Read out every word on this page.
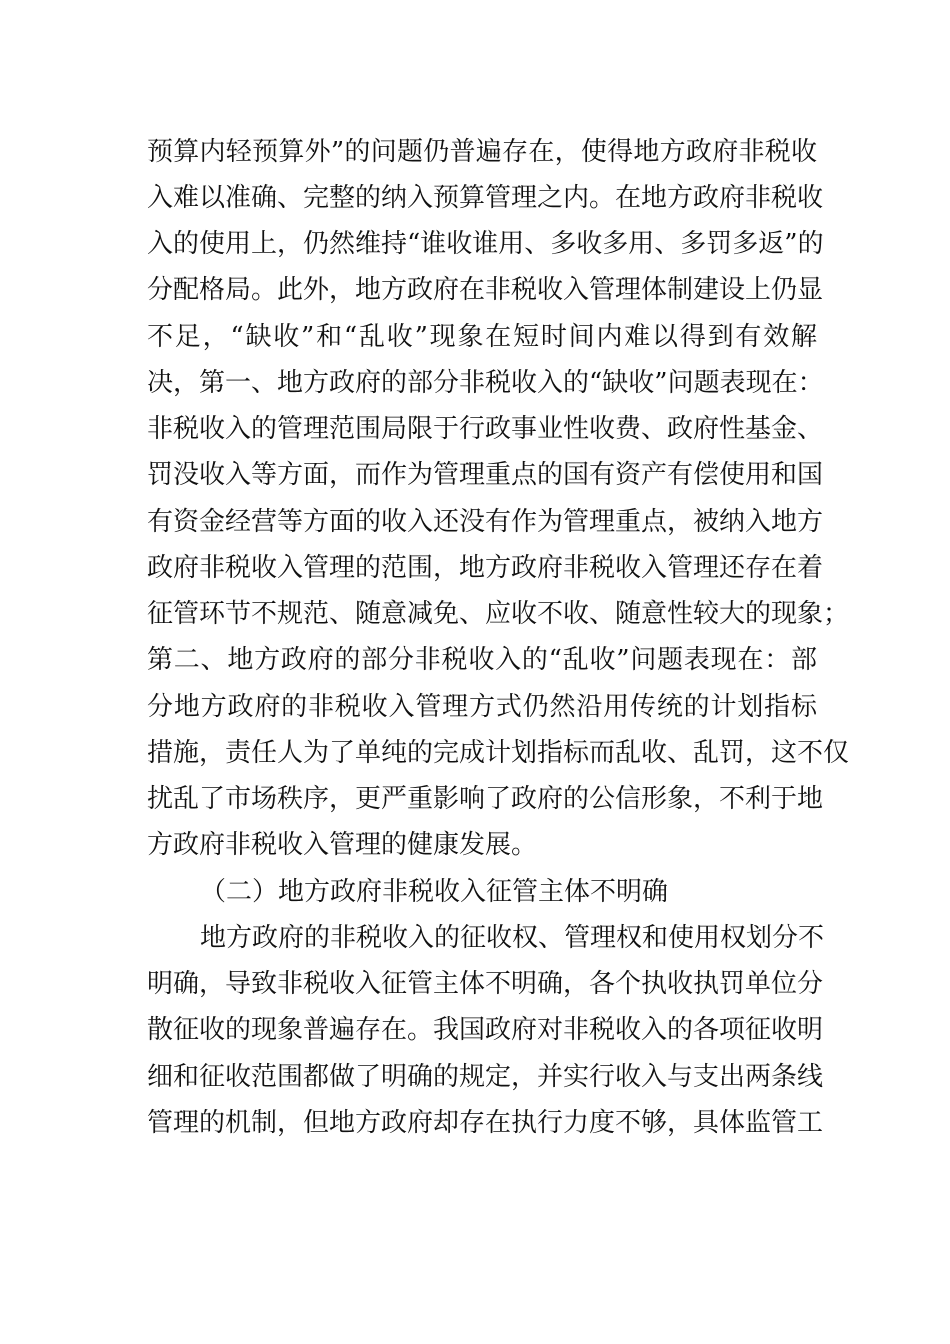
预算内轻预算外”的问题仍普遍存在，使得地方政府非税收
入难以准确、完整的纳入预算管理之内。在地方政府非税收
入的使用上，仍然维持“谁收谁用、多收多用、多罚多返”的
分配格局。此外，地方政府在非税收入管理体制建设上仍显
不足，“缺收”和“乱收”现象在短时间内难以得到有效解
决，第一、地方政府的部分非税收入的“缺收”问题表现在：
非税收入的管理范围局限于行政事业性收费、政府性基金、
罚没收入等方面，而作为管理重点的国有资产有偿使用和国
有资金经营等方面的收入还没有作为管理重点，被纳入地方
政府非税收入管理的范围，地方政府非税收入管理还存在着
征管环节不规范、随意减免、应收不收、随意性较大的现象；
第二、地方政府的部分非税收入的“乱收”问题表现在：部
分地方政府的非税收入管理方式仍然沿用传统的计划指标
措施，责任人为了单纯的完成计划指标而乱收、乱罚，这不仅
扰乱了市场秩序，更严重影响了政府的公信形象，不利于地
方政府非税收入管理的健康发展。
（二）地方政府非税收入征管主体不明确
地方政府的非税收入的征收权、管理权和使用权划分不
明确，导致非税收入征管主体不明确，各个执收执罚单位分
散征收的现象普遍存在。我国政府对非税收入的各项征收明
细和征收范围都做了明确的规定，并实行收入与支出两条线
管理的机制，但地方政府却存在执行力度不够，具体监管工
